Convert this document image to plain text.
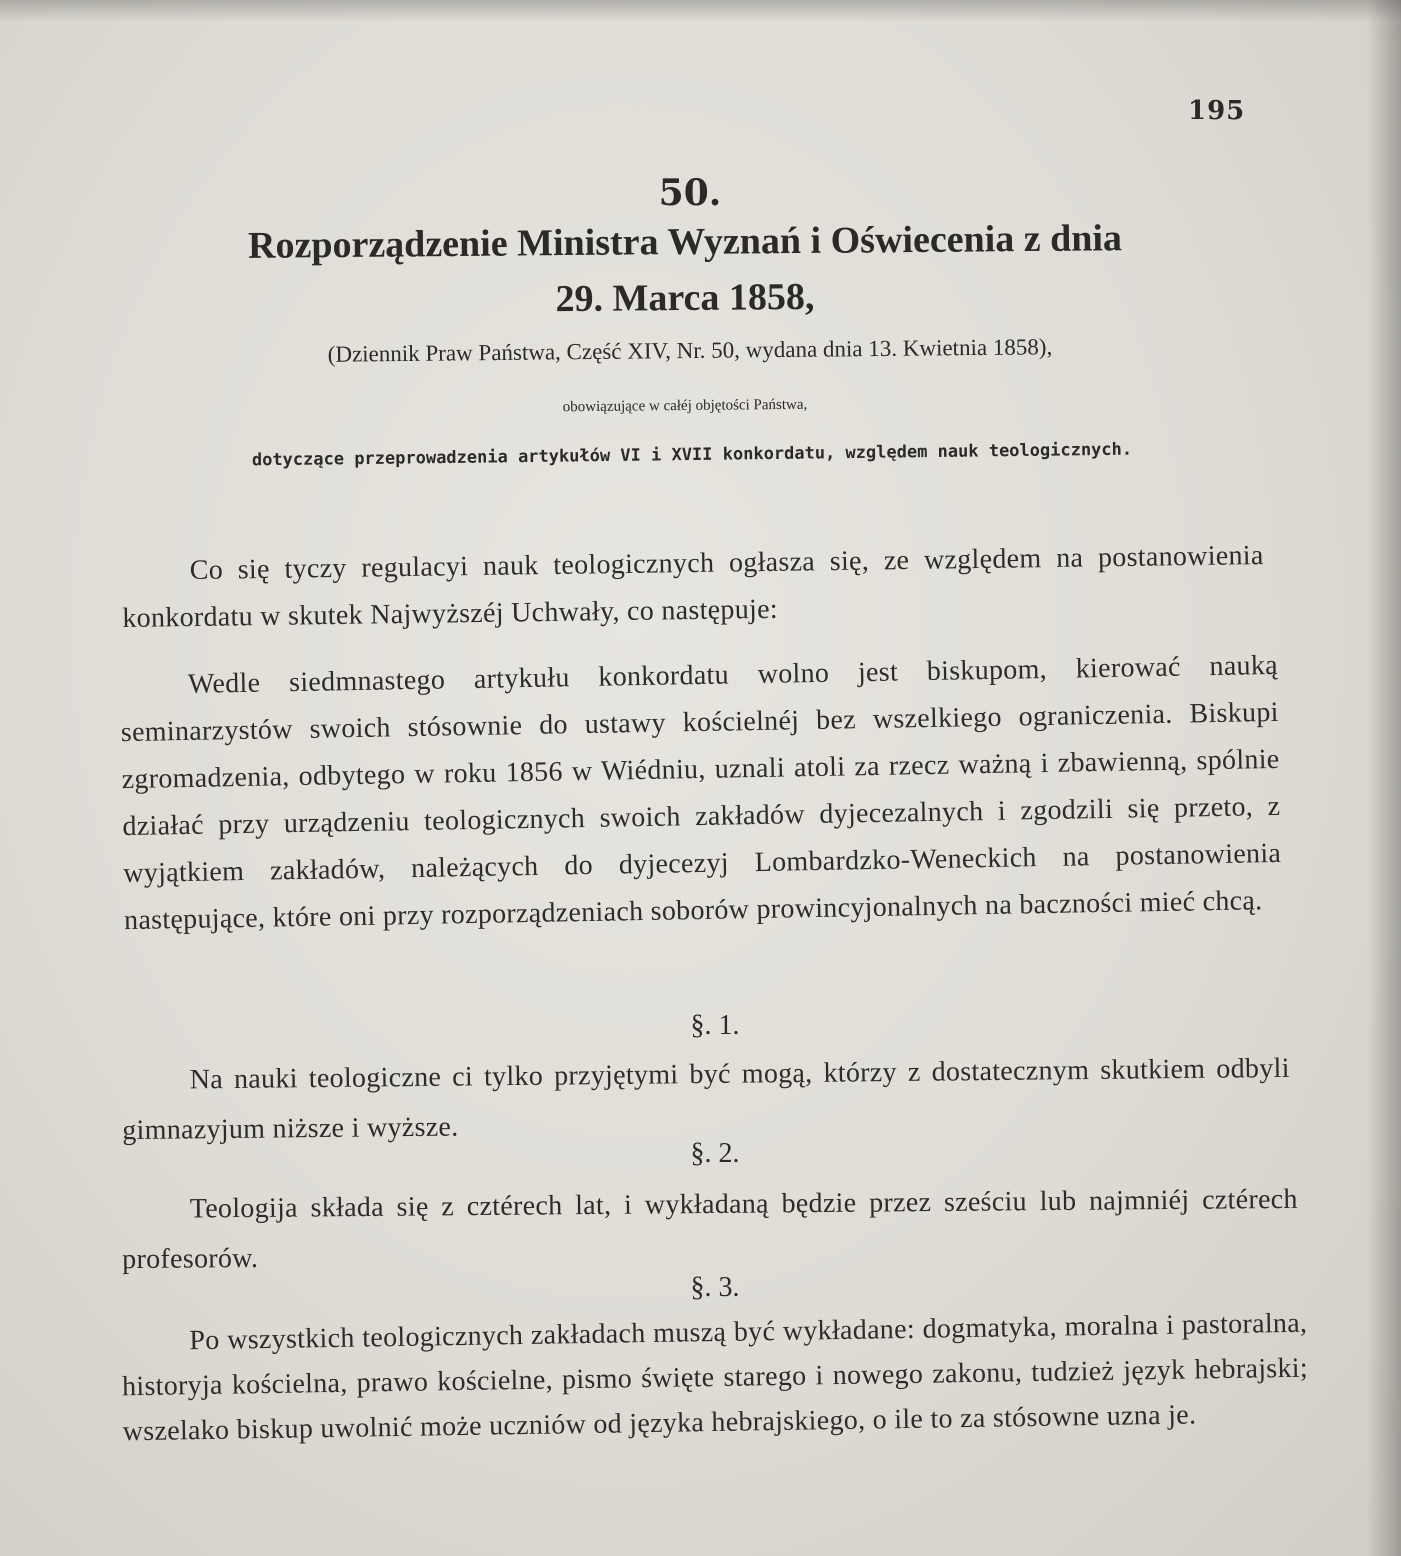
195
50.
Rozporządzenie Ministra Wyznań i Oświecenia z dnia
29. Marca 1858,
(Dziennik Praw Państwa, Część XIV, Nr. 50, wydana dnia 13. Kwietnia 1858),
obowiązujące w całéj objętości Państwa,
dotyczące przeprowadzenia artykułów VI i XVII konkordatu, względem nauk teologicznych.

Co się tyczy regulacyi nauk teologicznych ogłasza się, ze względem na postanowienia konkordatu w skutek Najwyższéj Uchwały, co następuje:

Wedle siedmnastego artykułu konkordatu wolno jest biskupom, kierować nauką seminarzystów swoich stósownie do ustawy kościelnéj bez wszelkiego ograniczenia. Biskupi zgromadzenia, odbytego w roku 1856 w Wiédniu, uznali atoli za rzecz ważną i zbawienną, spólnie działać przy urządzeniu teologicznych swoich zakładów dyjecezalnych i zgodzili się przeto, z wyjątkiem zakładów, należących do dyjecezyj Lombardzko-Weneckich na postanowienia następujące, które oni przy rozporządzeniach soborów prowincyjonalnych na baczności mieć chcą.

§. 1.

Na nauki teologiczne ci tylko przyjętymi być mogą, którzy z dostatecznym skutkiem odbyli gimnazyjum niższe i wyższe.

§. 2.

Teologija składa się z cztérech lat, i wykładaną będzie przez sześciu lub najmniéj cztérech profesorów.

§. 3.

Po wszystkich teologicznych zakładach muszą być wykładane: dogmatyka, moralna i pastoralna, historyja kościelna, prawo kościelne, pismo święte starego i nowego zakonu, tudzież język hebrajski; wszelako biskup uwolnić może uczniów od języka hebrajskiego, o ile to za stósowne uzna je.
